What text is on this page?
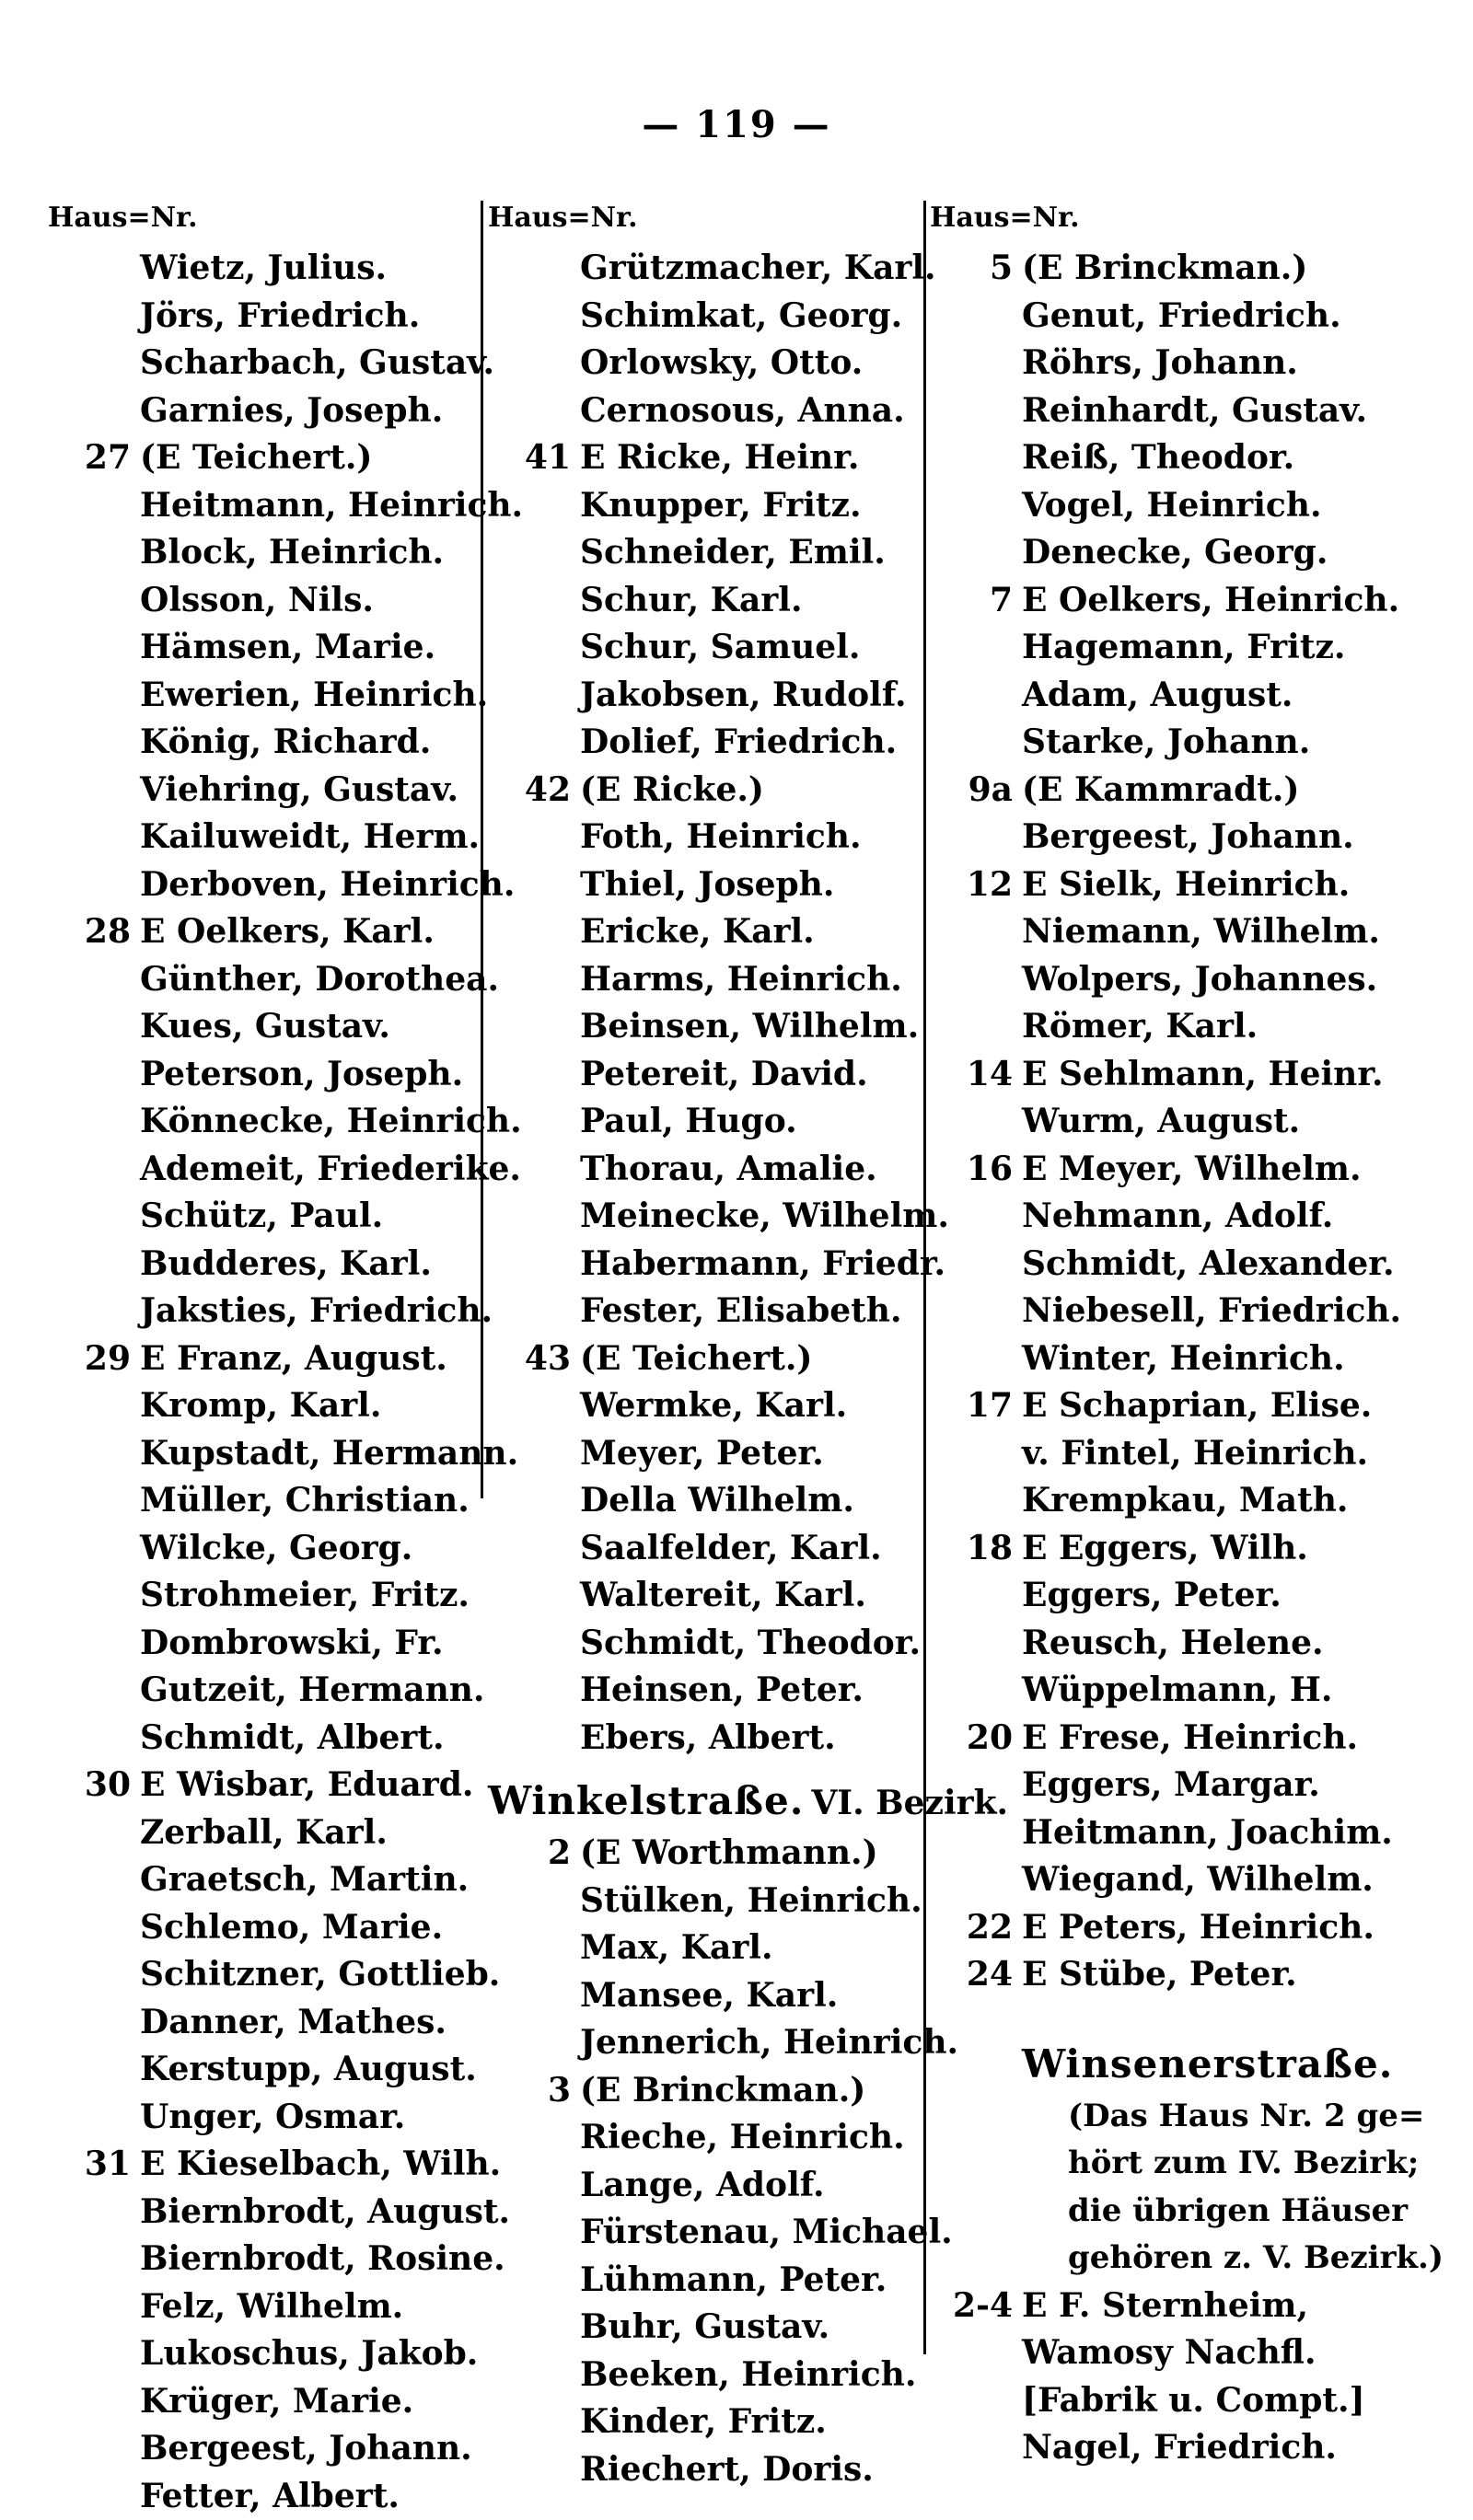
— 119 —
Haus=Nr.
Wietz, Julius.
Jörs, Friedrich.
Scharbach, Gustav.
Garnies, Joseph.
27 (E Teichert.)
Heitmann, Heinrich.
Block, Heinrich.
Olsson, Nils.
Hämsen, Marie.
Ewerien, Heinrich.
König, Richard.
Viehring, Gustav.
Kailuweidt, Herm.
Derboven, Heinrich.
28 E Oelkers, Karl.
Günther, Dorothea.
Kues, Gustav.
Peterson, Joseph.
Könnecke, Heinrich.
Ademeit, Friederike.
Schütz, Paul.
Budderes, Karl.
Jaksties, Friedrich.
29 E Franz, August.
Kromp, Karl.
Kupstadt, Hermann.
Müller, Christian.
Wilcke, Georg.
Strohmeier, Fritz.
Dombrowski, Fr.
Gutzeit, Hermann.
Schmidt, Albert.
30 E Wisbar, Eduard.
Zerball, Karl.
Graetsch, Martin.
Schlemo, Marie.
Schitzner, Gottlieb.
Danner, Mathes.
Kerstupp, August.
Unger, Osmar.
31 E Kieselbach, Wilh.
Biernbrodt, August.
Biernbrodt, Rosine.
Felz, Wilhelm.
Lukoschus, Jakob.
Krüger, Marie.
Bergeest, Johann.
Fetter, Albert.
Haus=Nr.
Grützmacher, Karl.
Schimkat, Georg.
Orlowsky, Otto.
Cernosous, Anna.
41 E Ricke, Heinr.
Knupper, Fritz.
Schneider, Emil.
Schur, Karl.
Schur, Samuel.
Jakobsen, Rudolf.
Dolief, Friedrich.
42 (E Ricke.)
Foth, Heinrich.
Thiel, Joseph.
Ericke, Karl.
Harms, Heinrich.
Beinsen, Wilhelm.
Petereit, David.
Paul, Hugo.
Thorau, Amalie.
Meinecke, Wilhelm.
Habermann, Friedr.
Fester, Elisabeth.
43 (E Teichert.)
Wermke, Karl.
Meyer, Peter.
Della Wilhelm.
Saalfelder, Karl.
Waltereit, Karl.
Schmidt, Theodor.
Heinsen, Peter.
Ebers, Albert.
Winkelstraße. VI. Bezirk.
2 (E Worthmann.)
Stülken, Heinrich.
Max, Karl.
Mansee, Karl.
Jennerich, Heinrich.
3 (E Brinckman.)
Rieche, Heinrich.
Lange, Adolf.
Fürstenau, Michael.
Lühmann, Peter.
Buhr, Gustav.
Beeken, Heinrich.
Kinder, Fritz.
Riechert, Doris.
Haus=Nr.
5 (E Brinckman.)
Genut, Friedrich.
Röhrs, Johann.
Reinhardt, Gustav.
Reiß, Theodor.
Vogel, Heinrich.
Denecke, Georg.
7 E Oelkers, Heinrich.
Hagemann, Fritz.
Adam, August.
Starke, Johann.
9a (E Kammradt.)
Bergeest, Johann.
12 E Sielk, Heinrich.
Niemann, Wilhelm.
Wolpers, Johannes.
Römer, Karl.
14 E Sehlmann, Heinr.
Wurm, August.
16 E Meyer, Wilhelm.
Nehmann, Adolf.
Schmidt, Alexander.
Niebesell, Friedrich.
Winter, Heinrich.
17 E Schaprian, Elise.
v. Fintel, Heinrich.
Krempkau, Math.
18 E Eggers, Wilh.
Eggers, Peter.
Reusch, Helene.
Wüppelmann, H.
20 E Frese, Heinrich.
Eggers, Margar.
Heitmann, Joachim.
Wiegand, Wilhelm.
22 E Peters, Heinrich.
24 E Stübe, Peter.
Winsenerstraße.
(Das Haus Nr. 2 ge=
hört zum IV. Bezirk;
die übrigen Häuser
gehören z. V. Bezirk.)
2-4 E F. Sternheim,
Wamosy Nachfl.
[Fabrik u. Compt.]
Nagel, Friedrich.
